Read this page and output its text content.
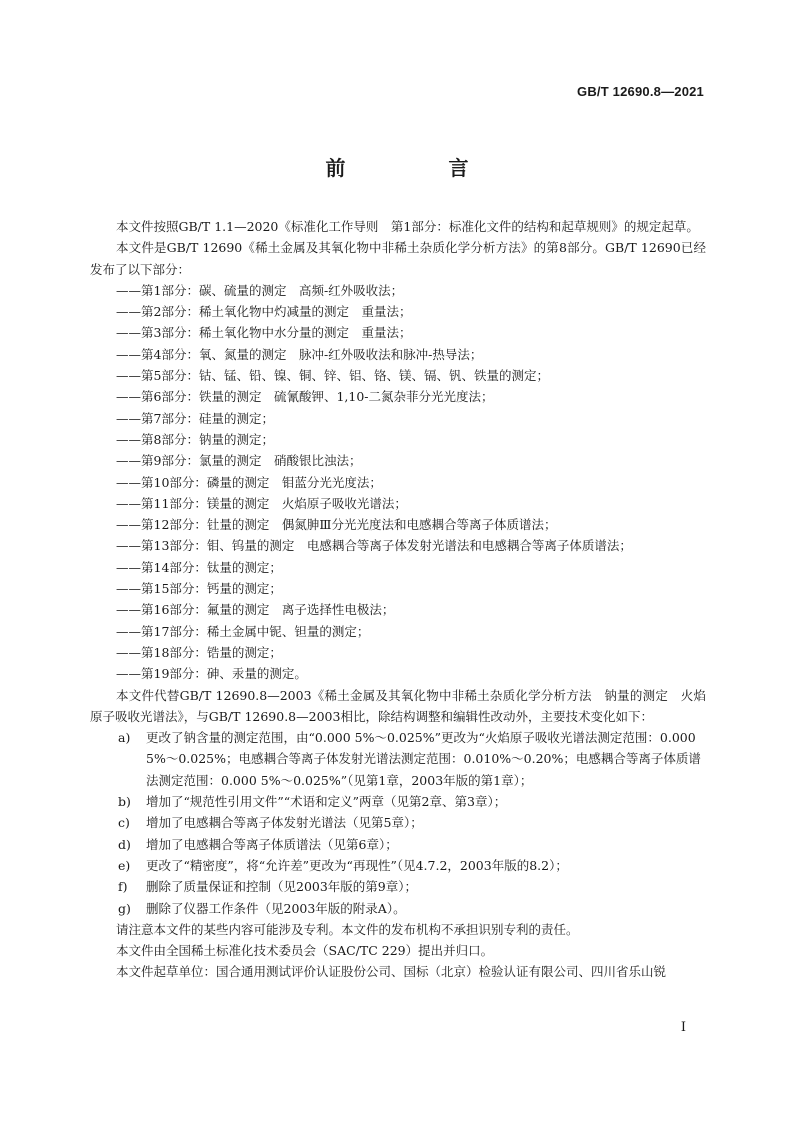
GB/T 12690.8—2021
前 言

本文件按照GB/T 1.1—2020《标准化工作导则　第1部分：标准化文件的结构和起草规则》的规定起草。

本文件是GB/T 12690《稀土金属及其氧化物中非稀土杂质化学分析方法》的第8部分。GB/T 12690已经发布了以下部分：

——第1部分：碳、硫量的测定　高频-红外吸收法；

——第2部分：稀土氧化物中灼减量的测定　重量法；

——第3部分：稀土氧化物中水分量的测定　重量法；

——第4部分：氧、氮量的测定　脉冲-红外吸收法和脉冲-热导法；

——第5部分：钴、锰、铅、镍、铜、锌、铝、铬、镁、镉、钒、铁量的测定；

——第6部分：铁量的测定　硫氰酸钾、1,10-二氮杂菲分光光度法；

——第7部分：硅量的测定；

——第8部分：钠量的测定；

——第9部分：氯量的测定　硝酸银比浊法；

——第10部分：磷量的测定　钼蓝分光光度法；

——第11部分：镁量的测定　火焰原子吸收光谱法；

——第12部分：钍量的测定　偶氮胂Ⅲ分光光度法和电感耦合等离子体质谱法；

——第13部分：钼、钨量的测定　电感耦合等离子体发射光谱法和电感耦合等离子体质谱法；

——第14部分：钛量的测定；

——第15部分：钙量的测定；

——第16部分：氟量的测定　离子选择性电极法；

——第17部分：稀土金属中铌、钽量的测定；

——第18部分：锆量的测定；

——第19部分：砷、汞量的测定。

本文件代替GB/T 12690.8—2003《稀土金属及其氧化物中非稀土杂质化学分析方法　钠量的测定　火焰原子吸收光谱法》，与GB/T 12690.8—2003相比，除结构调整和编辑性改动外，主要技术变化如下：

a) 更改了钠含量的测定范围，由“0.000 5%～0.025%”更改为“火焰原子吸收光谱法测定范围：0.000 5%～0.025%；电感耦合等离子体发射光谱法测定范围：0.010%～0.20%；电感耦合等离子体质谱法测定范围：0.000 5%～0.025%”（见第1章，2003年版的第1章）；

b) 增加了“规范性引用文件”“术语和定义”两章（见第2章、第3章）；

c) 增加了电感耦合等离子体发射光谱法（见第5章）；

d) 增加了电感耦合等离子体质谱法（见第6章）；

e) 更改了“精密度”，将“允许差”更改为“再现性”（见4.7.2，2003年版的8.2）；

f) 删除了质量保证和控制（见2003年版的第9章）；

g) 删除了仪器工作条件（见2003年版的附录A）。

请注意本文件的某些内容可能涉及专利。本文件的发布机构不承担识别专利的责任。

本文件由全国稀土标准化技术委员会（SAC/TC 229）提出并归口。

本文件起草单位：国合通用测试评价认证股份公司、国标（北京）检验认证有限公司、四川省乐山锐

I
